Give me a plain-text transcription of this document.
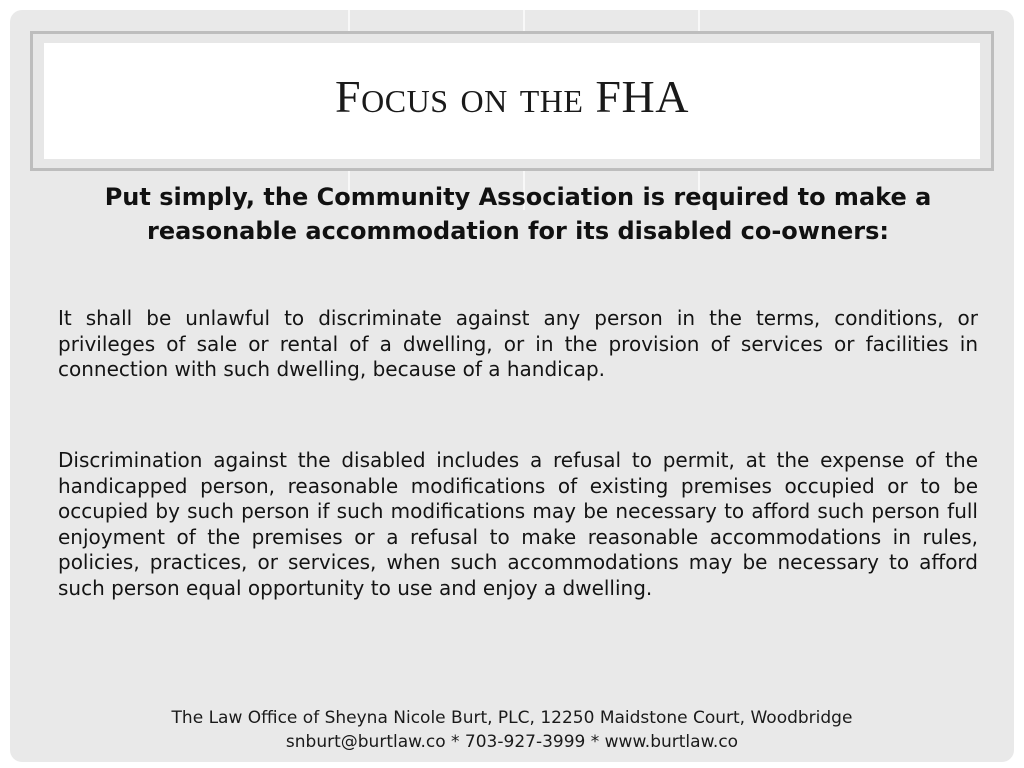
Focus on the FHA
Put simply, the Community Association is required to make a reasonable accommodation for its disabled co-owners:
It shall be unlawful to discriminate against any person in the terms, conditions, or privileges of sale or rental of a dwelling, or in the provision of services or facilities in connection with such dwelling, because of a handicap.
Discrimination against the disabled includes a refusal to permit, at the expense of the handicapped person, reasonable modifications of existing premises occupied or to be occupied by such person if such modifications may be necessary to afford such person full enjoyment of the premises or a refusal to make reasonable accommodations in rules, policies, practices, or services, when such accommodations may be necessary to afford such person equal opportunity to use and enjoy a dwelling.
The Law Office of Sheyna Nicole Burt, PLC, 12250 Maidstone Court, Woodbridge
snburt@burtlaw.co * 703-927-3999 * www.burtlaw.co
